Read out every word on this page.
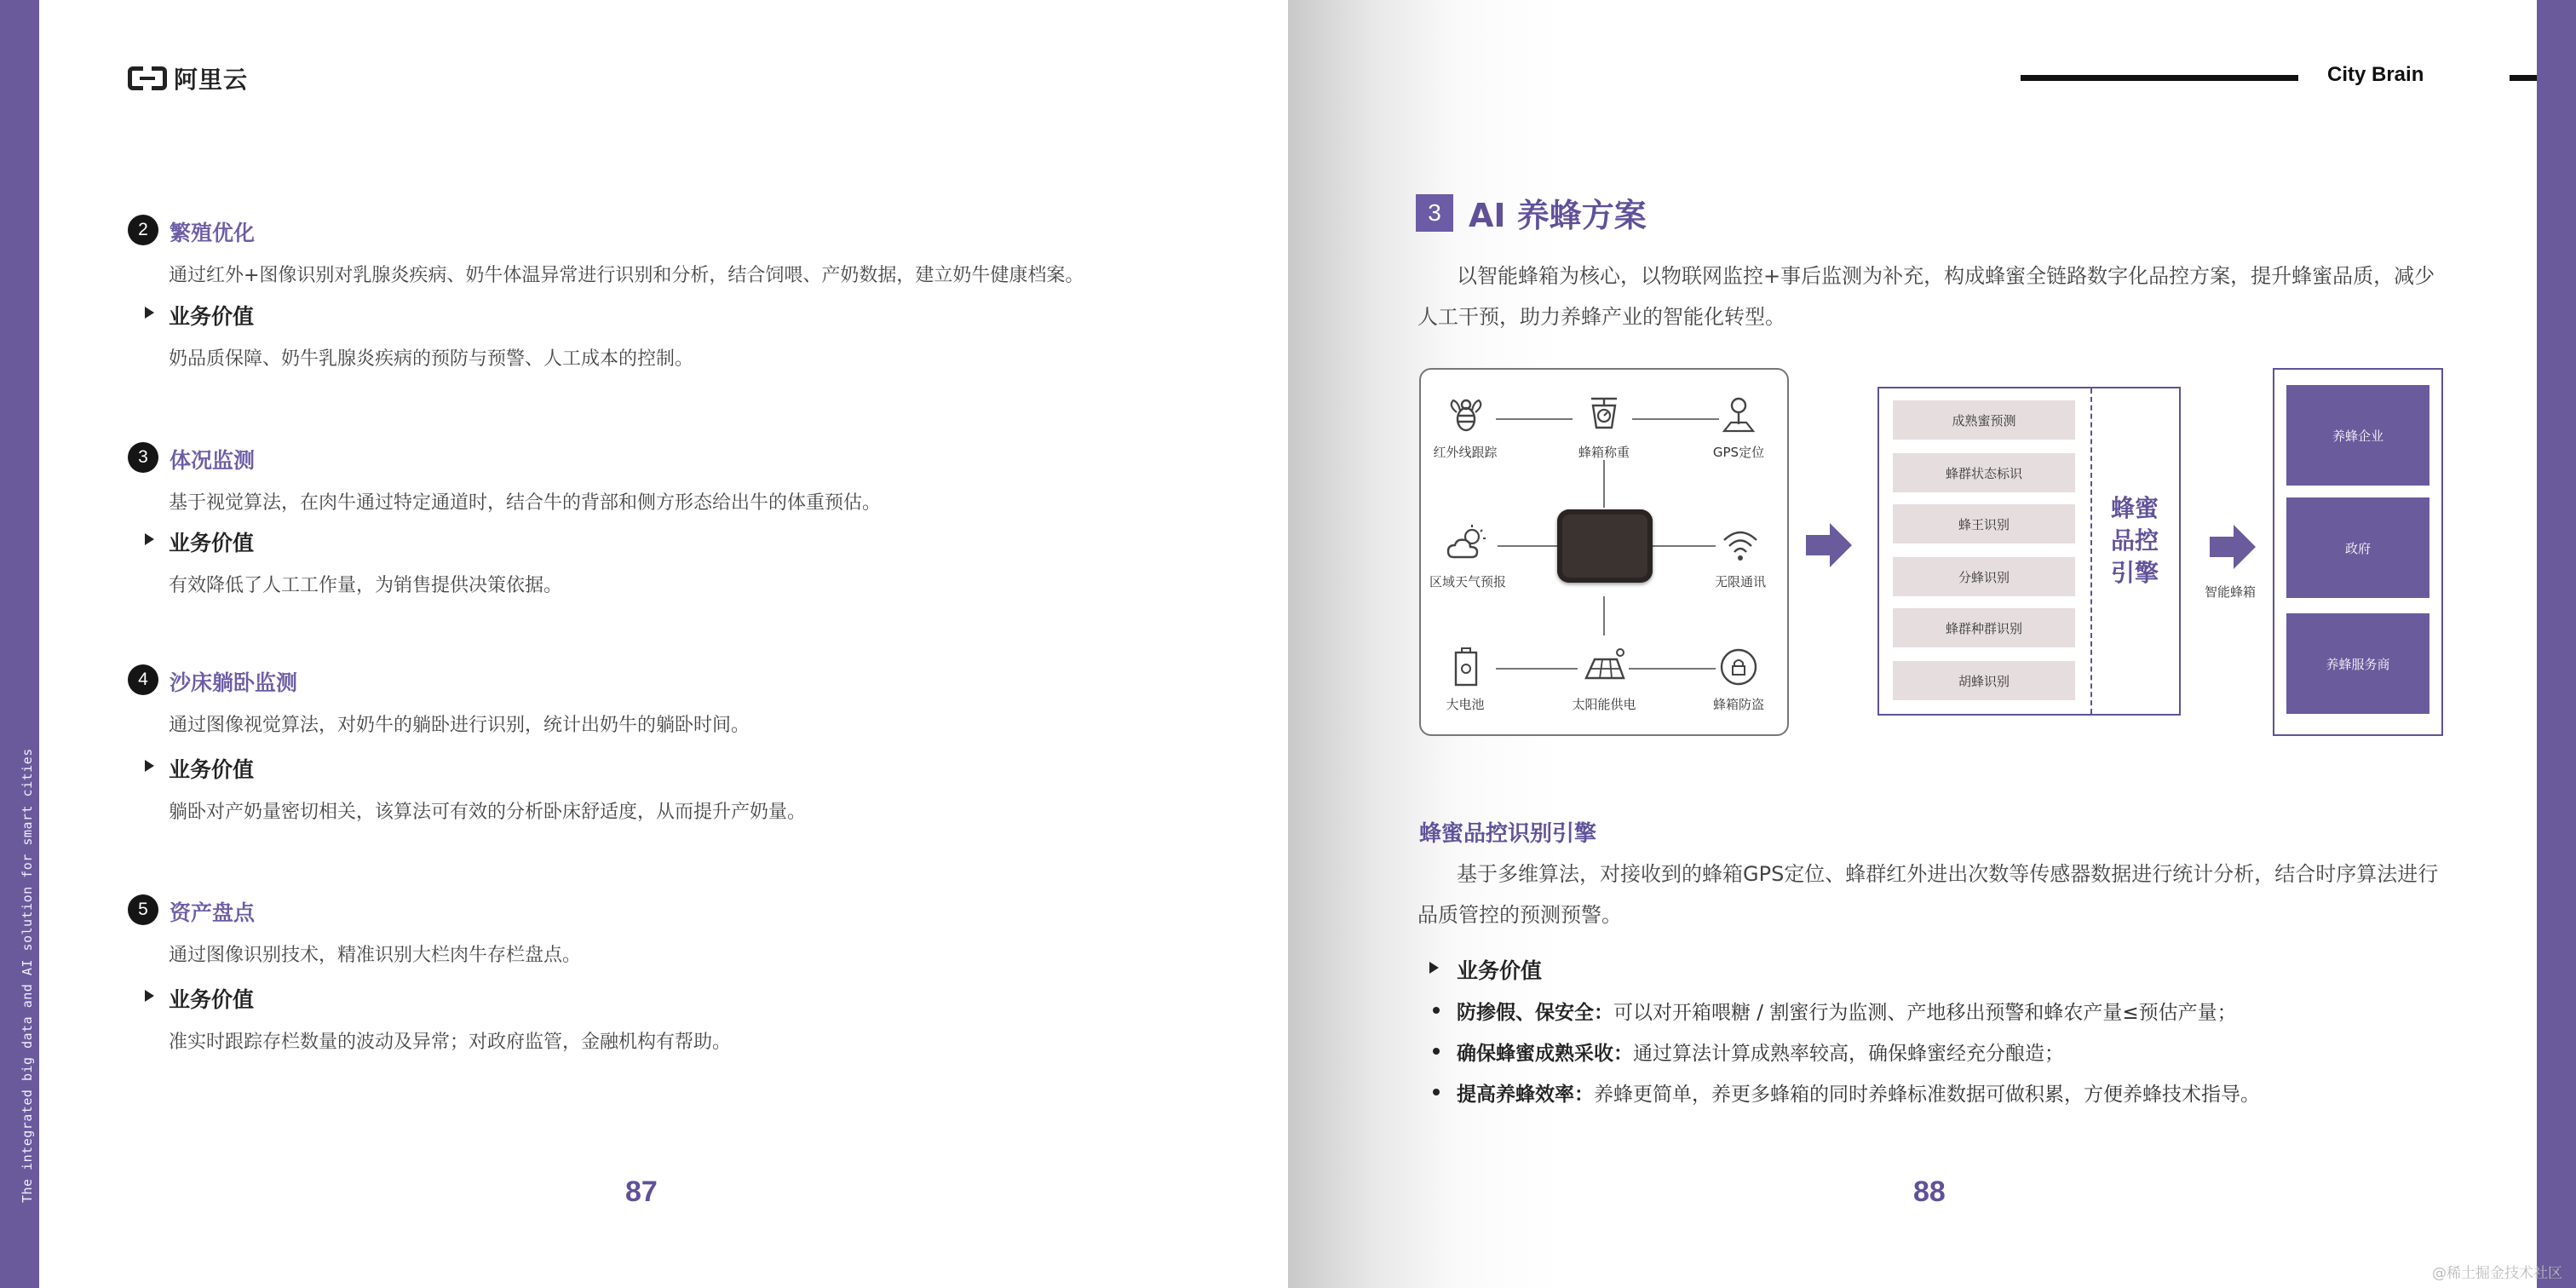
The integrated big data and AI solution for smart cities
阿里云	City Brain
2	繁殖优化
通过红外+图像识别对乳腺炎疾病、奶牛体温异常进行识别和分析，结合饲喂、产奶数据，建立奶牛健康档案。
业务价值
奶品质保障、奶牛乳腺炎疾病的预防与预警、人工成本的控制。
3	体况监测
基于视觉算法，在肉牛通过特定通道时，结合牛的背部和侧方形态给出牛的体重预估。
业务价值
有效降低了人工工作量，为销售提供决策依据。
4	沙床躺卧监测
通过图像视觉算法，对奶牛的躺卧进行识别，统计出奶牛的躺卧时间。
业务价值
躺卧对产奶量密切相关，该算法可有效的分析卧床舒适度，从而提升产奶量。
5	资产盘点
通过图像识别技术，精准识别大栏肉牛存栏盘点。
业务价值
准实时跟踪存栏数量的波动及异常；对政府监管，金融机构有帮助。
87
3 AI 养蜂方案
以智能蜂箱为核心，以物联网监控+事后监测为补充，构成蜂蜜全链路数字化品控方案，提升蜂蜜品质，减少
人工干预，助力养蜂产业的智能化转型。
红外线跟踪	蜂箱称重	GPS定位
区域天气预报	无限通讯
大电池	太阳能供电	蜂箱防盗
成熟蜜预测
蜂群状态标识
蜂王识别
分蜂识别
蜂群种群识别
胡蜂识别
蜂蜜
品控
引擎
智能蜂箱
养蜂企业
政府
养蜂服务商
蜂蜜品控识别引擎
基于多维算法，对接收到的蜂箱GPS定位、蜂群红外进出次数等传感器数据进行统计分析，结合时序算法进行
品质管控的预测预警。
业务价值
防掺假、保安全：可以对开箱喂糖 / 割蜜行为监测、产地移出预警和蜂农产量≤预估产量；
确保蜂蜜成熟采收：通过算法计算成熟率较高，确保蜂蜜经充分酿造；
提高养蜂效率：养蜂更简单，养更多蜂箱的同时养蜂标准数据可做积累，方便养蜂技术指导。
88
@稀土掘金技术社区
